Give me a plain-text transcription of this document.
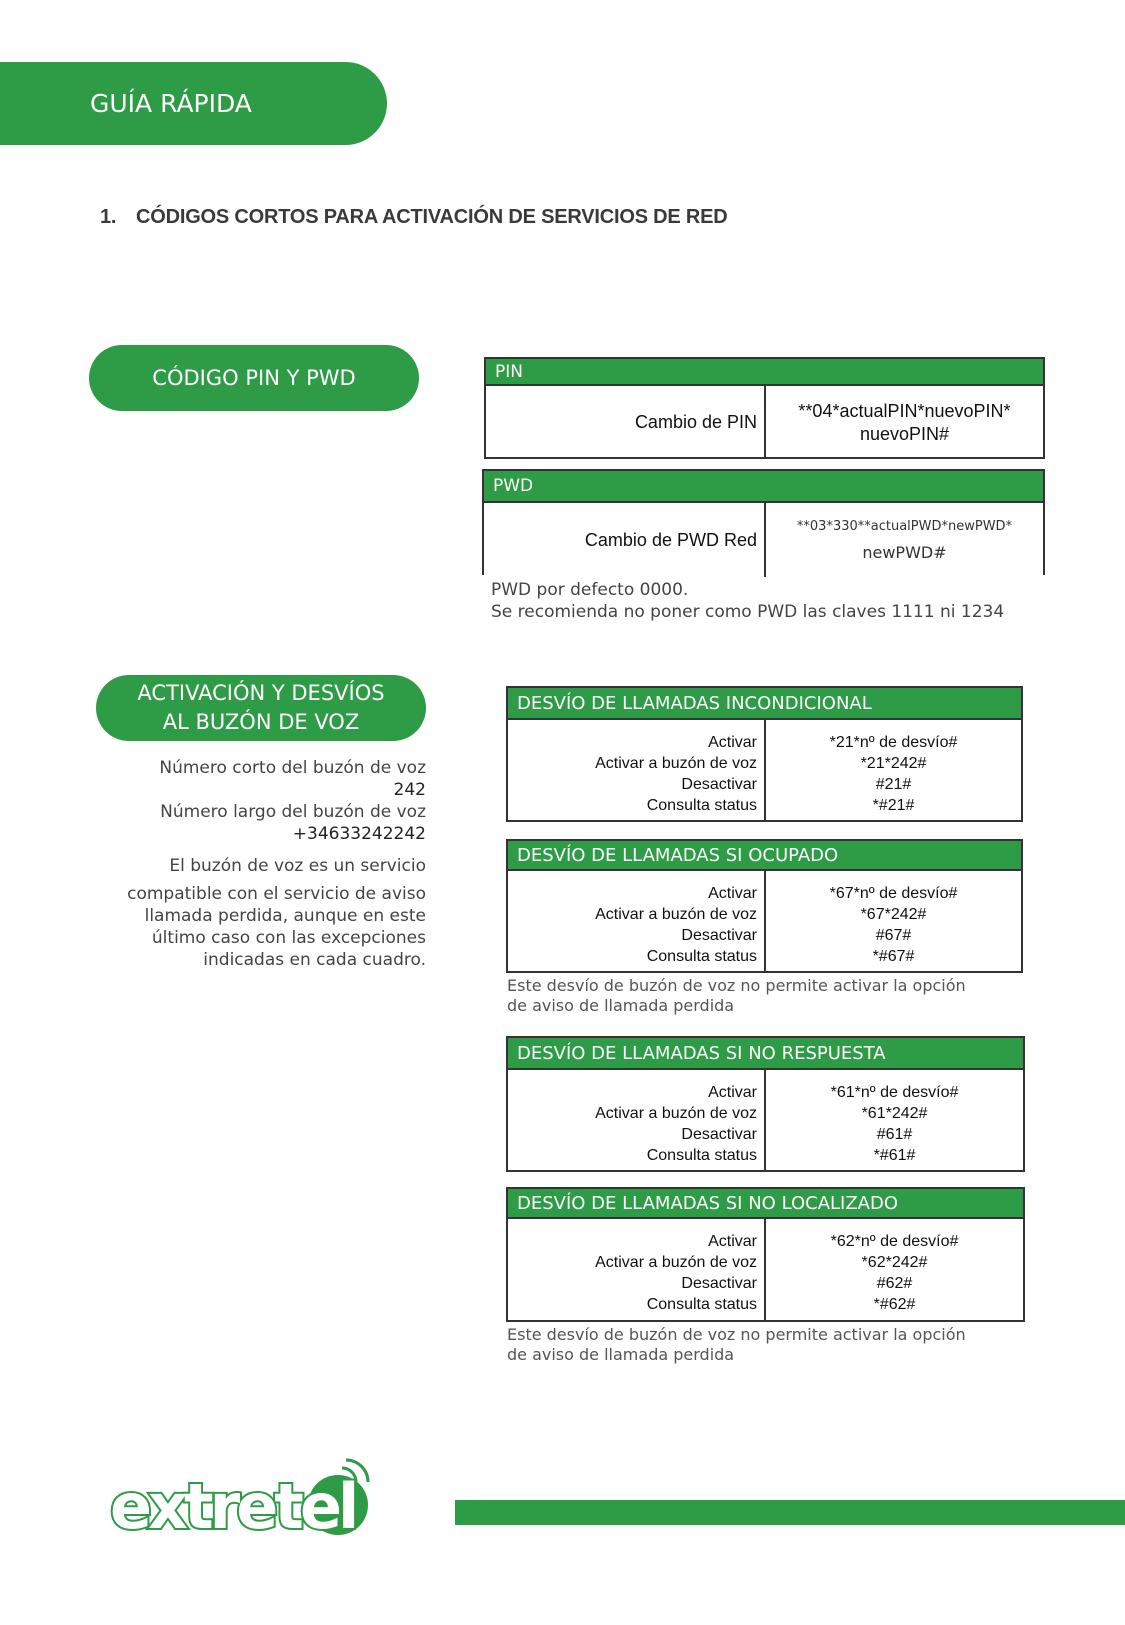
GUÍA RÁPIDA
1. CÓDIGOS CORTOS PARA ACTIVACIÓN DE SERVICIOS DE RED
CÓDIGO PIN Y PWD	PIN
Cambio de PIN
**04*actualPIN*nuevoPIN*
nuevoPIN#
PWD
Cambio de PWD Red
**03*330**actualPWD*newPWD*
newPWD#
PWD por defecto 0000.
Se recomienda no poner como PWD las claves 1111 ni 1234
ACTIVACIÓN Y DESVÍOS
AL BUZÓN DE VOZ
Número corto del buzón de voz
242
Número largo del buzón de voz
+34633242242
El buzón de voz es un servicio
compatible con el servicio de aviso
llamada perdida, aunque en este
último caso con las excepciones
indicadas en cada cuadro.
DESVÍO DE LLAMADAS INCONDICIONAL
Activar
Activar a buzón de voz
Desactivar
Consulta status
*21*nº de desvío#
*21*242#
#21#
*#21#
DESVÍO DE LLAMADAS SI OCUPADO
Activar
Activar a buzón de voz
Desactivar
Consulta status
*67*nº de desvío#
*67*242#
#67#
*#67#
Este desvío de buzón de voz no permite activar la opción
de aviso de llamada perdida
DESVÍO DE LLAMADAS SI NO RESPUESTA
Activar
Activar a buzón de voz
Desactivar
Consulta status
*61*nº de desvío#
*61*242#
#61#
*#61#
DESVÍO DE LLAMADAS SI NO LOCALIZADO
Activar
Activar a buzón de voz
Desactivar
Consulta status
*62*nº de desvío#
*62*242#
#62#
*#62#
Este desvío de buzón de voz no permite activar la opción
de aviso de llamada perdida
extretel
